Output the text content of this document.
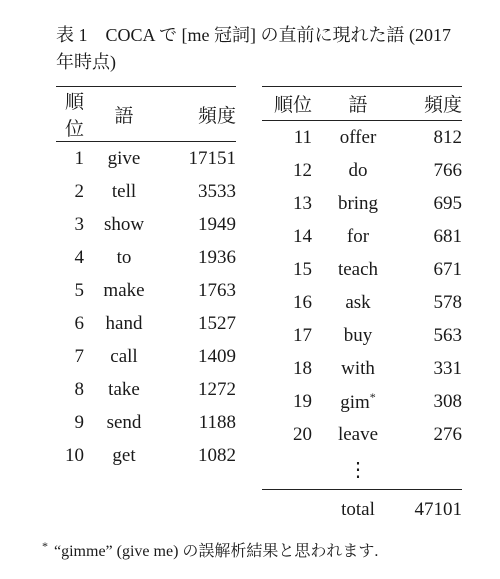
表 1　COCA で [me 冠詞] の直前に現れた語 (2017
年時点)
順位	語	頻度
1	give	17151
2	tell	3533
3	show	1949
4	to	1936
5	make	1763
6	hand	1527
7	call	1409
8	take	1272
9	send	1188
10	get	1082
順位	語	頻度
11	offer	812
12	do	766
13	bring	695
14	for	681
15	teach	671
16	ask	578
17	buy	563
18	with	331
19	gim*	308
20	leave	276
	⋮	
	total	47101
* “gimme” (give me) の誤解析結果と思われます.
